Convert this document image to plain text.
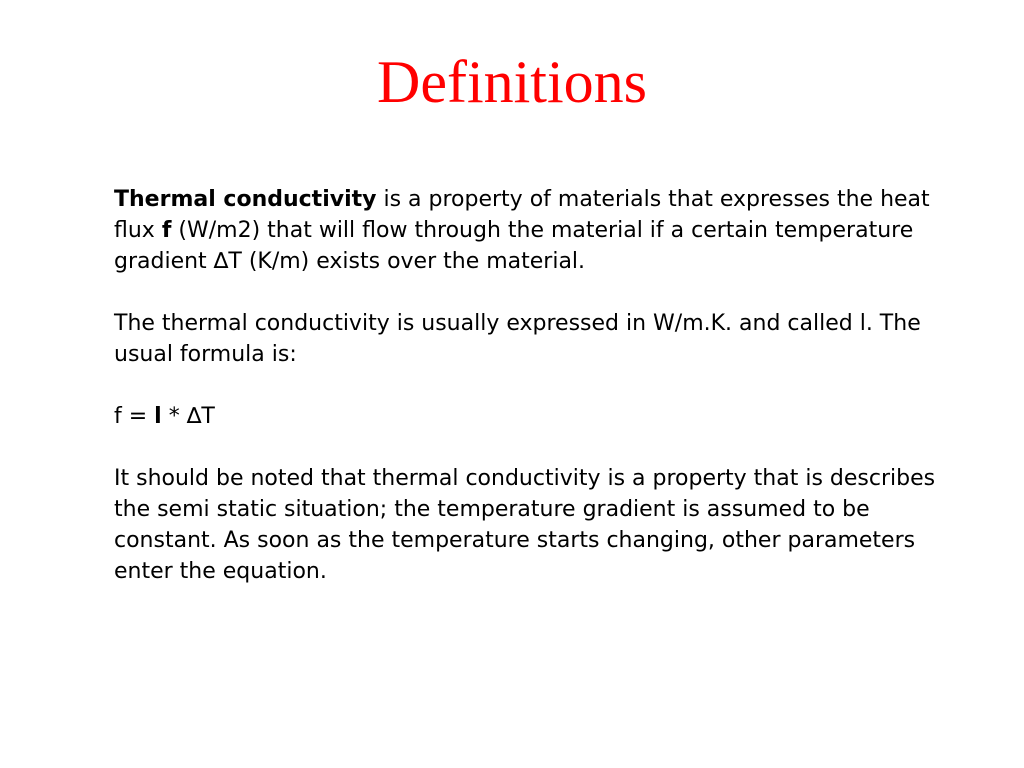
Definitions

Thermal conductivity is a property of materials that expresses the heat flux f (W/m2) that will flow through the material if a certain temperature gradient ∆T (K/m) exists over the material.

The thermal conductivity is usually expressed in W/m.K. and called l. The usual formula is:

f = l * ∆T

It should be noted that thermal conductivity is a property that is describes the semi static situation; the temperature gradient is assumed to be constant. As soon as the temperature starts changing, other parameters enter the equation.
